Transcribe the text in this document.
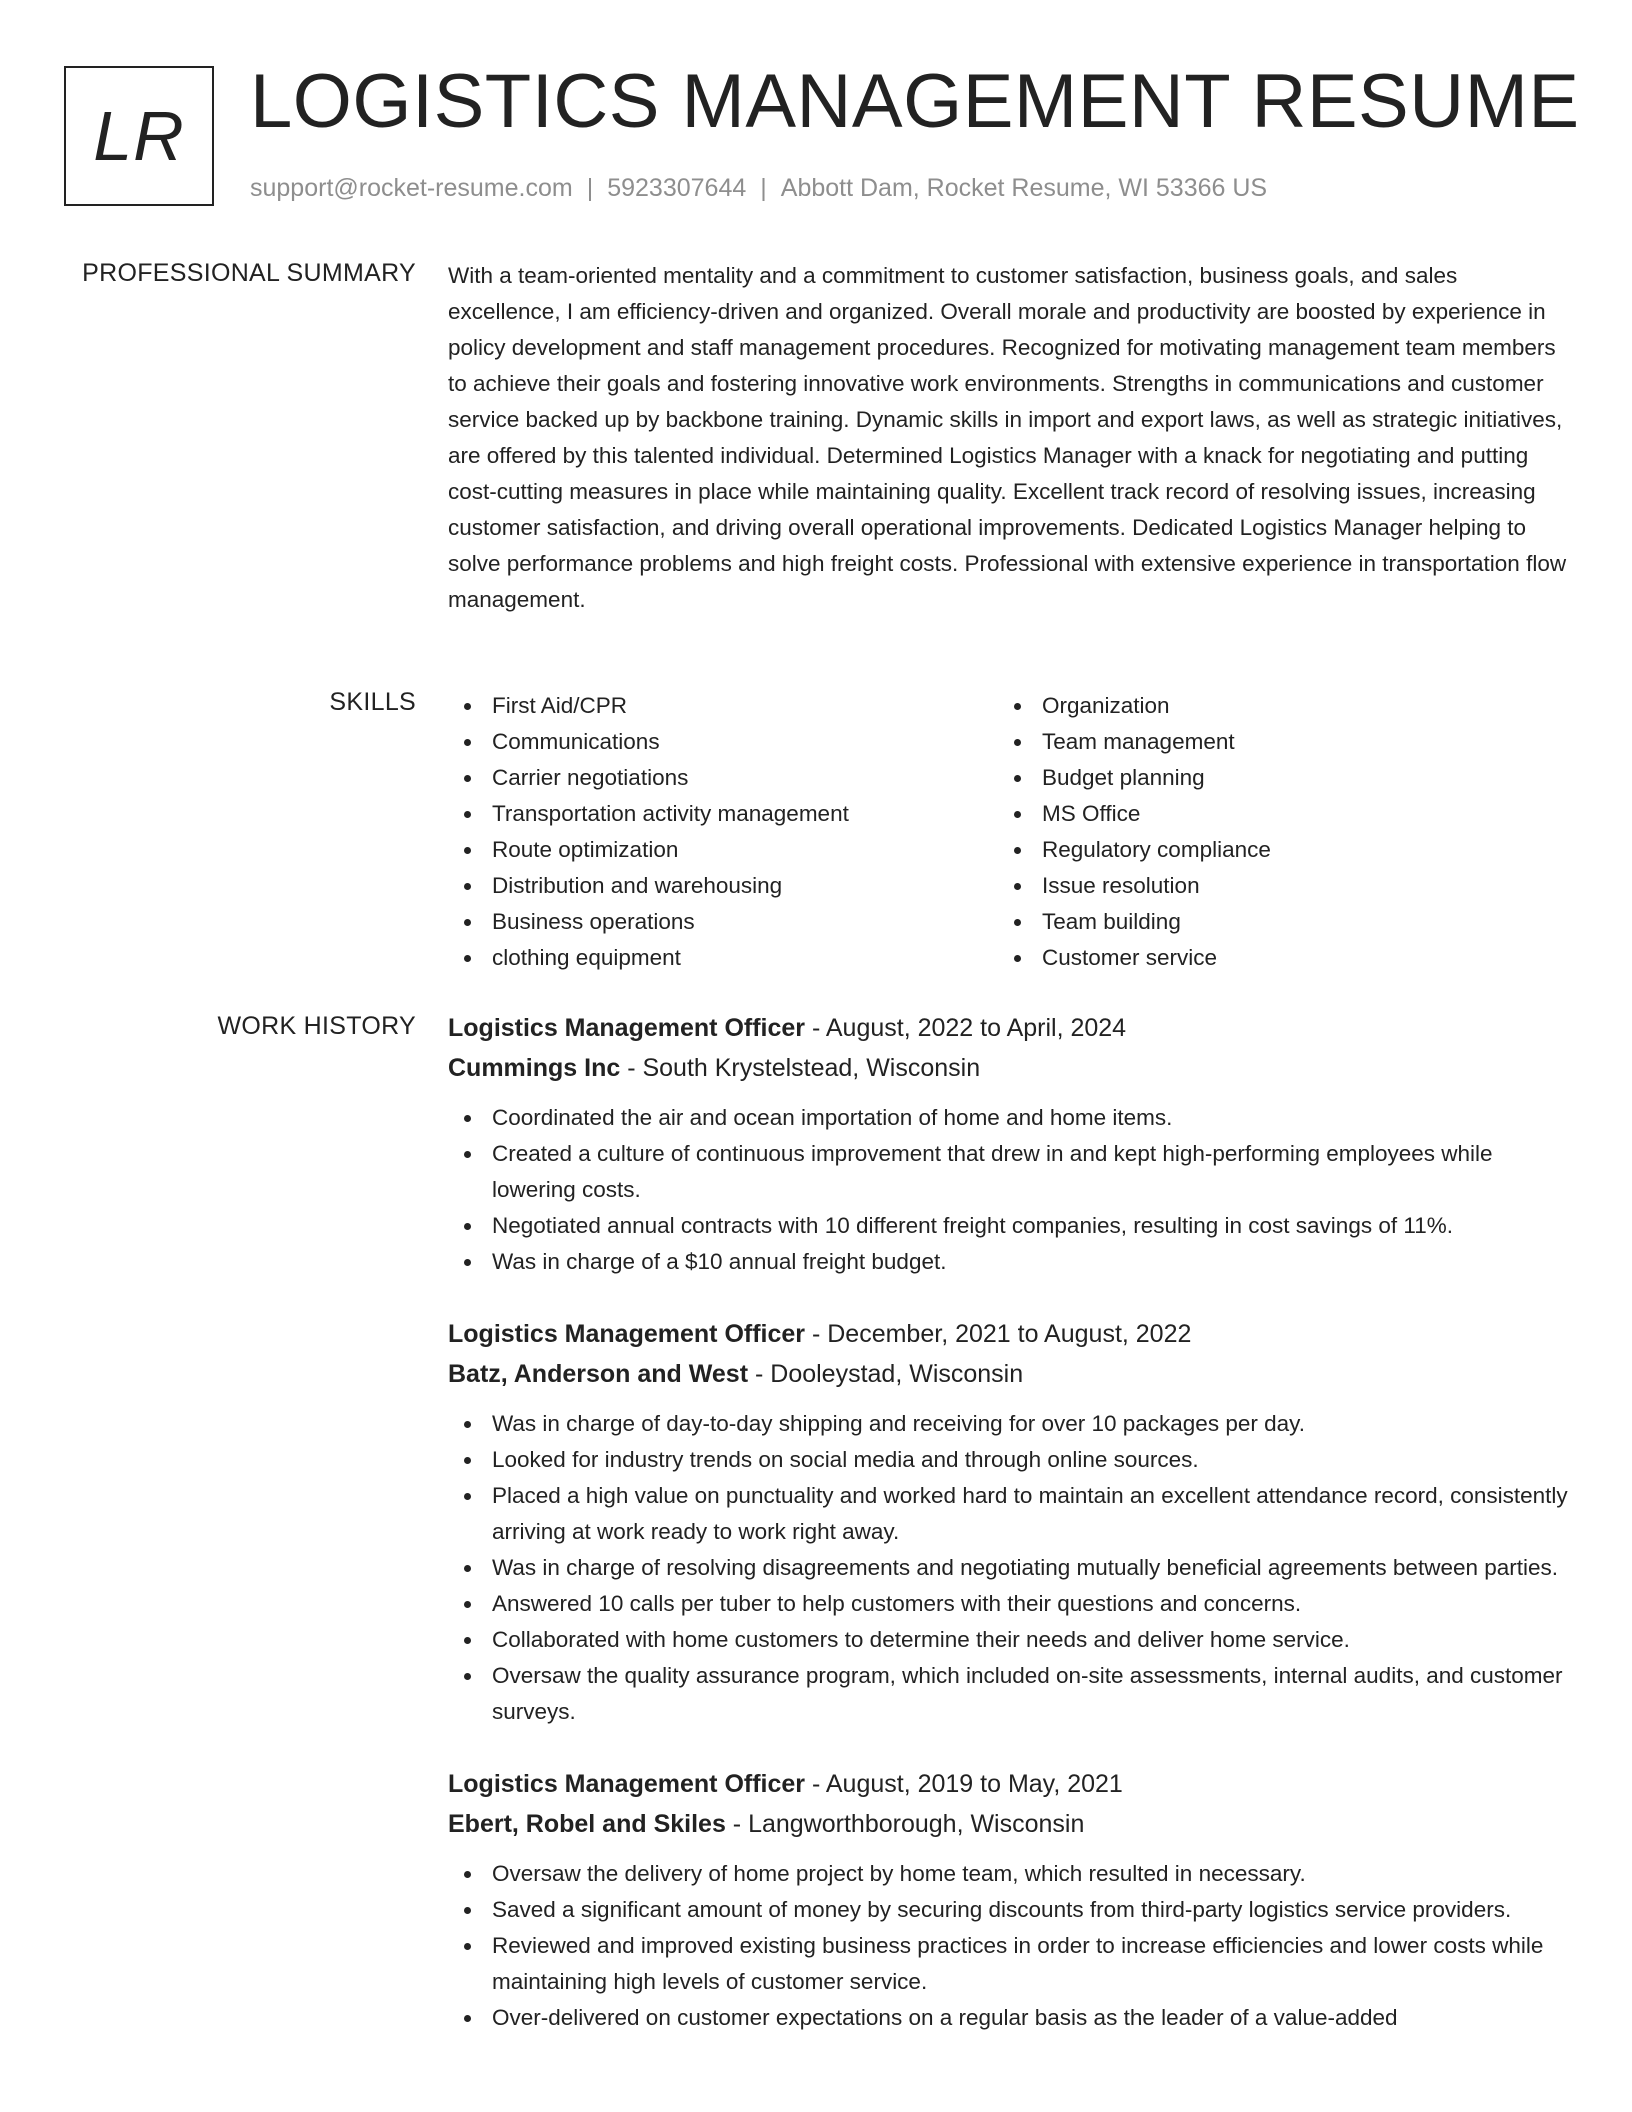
LR LOGISTICS MANAGEMENT RESUME
support@rocket-resume.com | 5923307644 | Abbott Dam, Rocket Resume, WI 53366 US
PROFESSIONAL SUMMARY With a team-oriented mentality and a commitment to customer satisfaction, business goals, and sales excellence, I am efficiency-driven and organized. Overall morale and productivity are boosted by experience in policy development and staff management procedures. Recognized for motivating management team members to achieve their goals and fostering innovative work environments. Strengths in communications and customer service backed up by backbone training. Dynamic skills in import and export laws, as well as strategic initiatives, are offered by this talented individual. Determined Logistics Manager with a knack for negotiating and putting cost-cutting measures in place while maintaining quality. Excellent track record of resolving issues, increasing customer satisfaction, and driving overall operational improvements. Dedicated Logistics Manager helping to solve performance problems and high freight costs. Professional with extensive experience in transportation flow management.

SKILLS	First Aid/CPR
Communications
Carrier negotiations
Transportation activity management
Route optimization
Distribution and warehousing
Business operations
clothing equipment
Organization
Team management
Budget planning
MS Office
Regulatory compliance
Issue resolution
Team building
Customer service
WORK HISTORY Logistics Management Officer - August, 2022 to April, 2024
Cummings Inc - South Krystelstead, Wisconsin
Coordinated the air and ocean importation of home and home items.
Created a culture of continuous improvement that drew in and kept high-performing employees while lowering costs.
Negotiated annual contracts with 10 different freight companies, resulting in cost savings of 11%.
Was in charge of a $10 annual freight budget.
Logistics Management Officer - December, 2021 to August, 2022
Batz, Anderson and West - Dooleystad, Wisconsin
Was in charge of day-to-day shipping and receiving for over 10 packages per day.
Looked for industry trends on social media and through online sources.
Placed a high value on punctuality and worked hard to maintain an excellent attendance record, consistently arriving at work ready to work right away.
Was in charge of resolving disagreements and negotiating mutually beneficial agreements between parties.
Answered 10 calls per tuber to help customers with their questions and concerns.
Collaborated with home customers to determine their needs and deliver home service.
Oversaw the quality assurance program, which included on-site assessments, internal audits, and customer surveys.
Logistics Management Officer - August, 2019 to May, 2021
Ebert, Robel and Skiles - Langworthborough, Wisconsin
Oversaw the delivery of home project by home team, which resulted in necessary.
Saved a significant amount of money by securing discounts from third-party logistics service providers.
Reviewed and improved existing business practices in order to increase efficiencies and lower costs while maintaining high levels of customer service.
Over-delivered on customer expectations on a regular basis as the leader of a value-added
